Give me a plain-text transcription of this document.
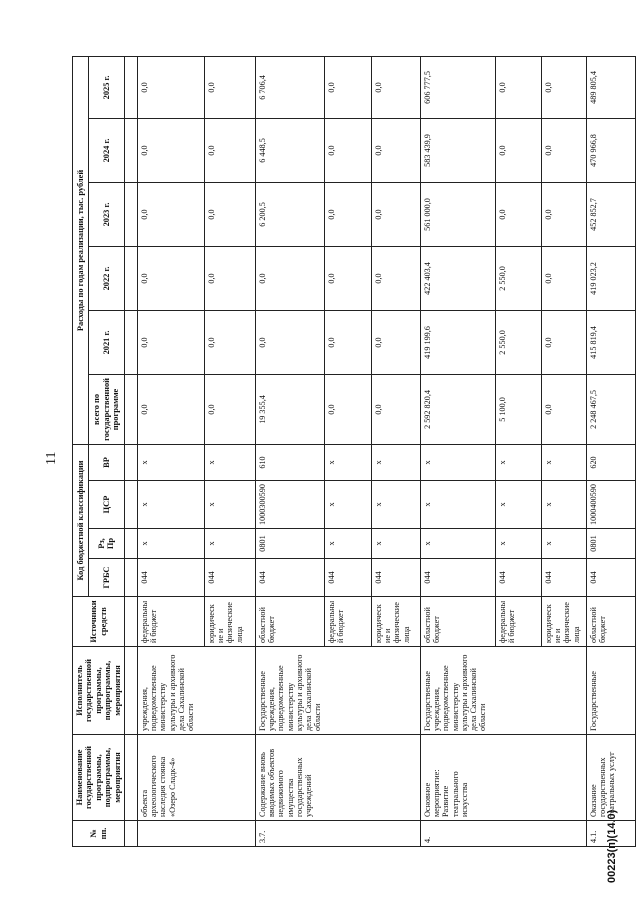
11
00223(п)(14.0)
№ пп.	Наименование государственной программы, подпрограммы, мероприятия	Исполнитель государственной программы, подпрограммы, мероприятия	Источники средств	Код бюджетной классификации				Расходы по годам реализации, тыс. рублей					
				ГРБС	Рз, Пр	ЦСР	ВР	всего по государственной программе	2021 г.	2022 г.	2023 г.	2024 г.	2025 г.

	объекта археологического наследия стоянка «Озеро Сладк-4»	учреждения, подведомственные министерству культуры и архивного дела Сахалинской области	федеральный бюджет	044	х	х	х	0,0	0,0	0,0	0,0	0,0	0,0
			юридические и физические лица	044	х	х	х	0,0	0,0	0,0	0,0	0,0	0,0
3.7.	Содержание вновь вводимых объектов недвижимого имущества государственных учреждений	Государственные учреждения, подведомственные министерству культуры и архивного дела Сахалинской области	областной бюджет	044	0801	1000300590	610	19 355,4	0,0	0,0	6 200,5	6 448,5	6 706,4
			федеральный бюджет	044	х	х	х	0,0	0,0	0,0	0,0	0,0	0,0
			юридические и физические лица	044	х	х	х	0,0	0,0	0,0	0,0	0,0	0,0
4.	Основное мероприятие: Развитие театрального искусства	Государственные учреждения, подведомственные министерству культуры и архивного дела Сахалинской области	областной бюджет	044	х	х	х	2 592 820,4	419 199,6	422 403,4	561 000,0	583 439,9	606 777,5
			федеральный бюджет	044	х	х	х	5 100,0	2 550,0	2 550,0	0,0	0,0	0,0
			юридические и физические лица	044	х	х	х	0,0	0,0	0,0	0,0	0,0	0,0
4.1.	Оказание государственных театральных услуг	Государственные	областной бюджет	044	0801	1000400590	620	2 248 467,5	415 819,4	419 023,2	452 852,7	470 966,8	489 805,4
